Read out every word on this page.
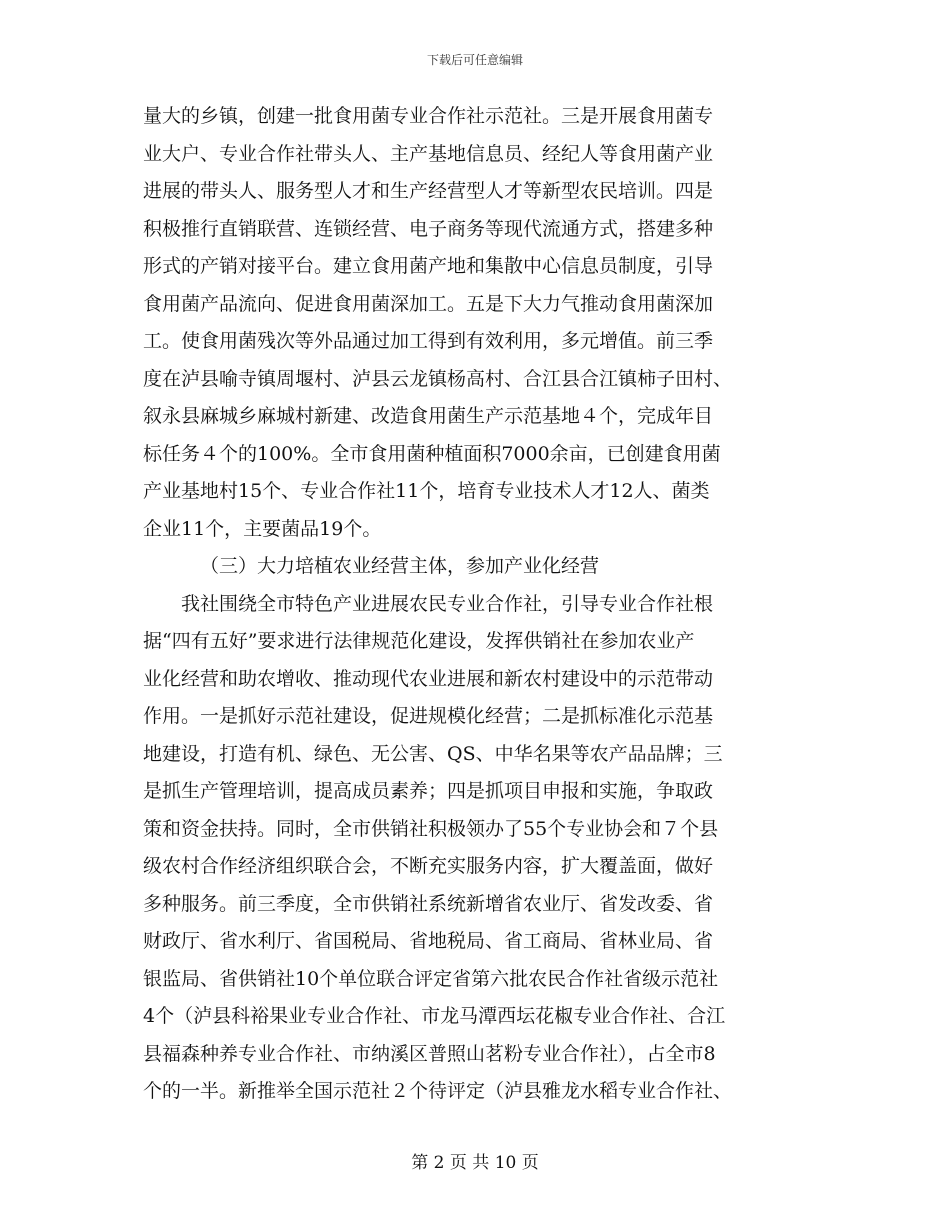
下载后可任意编辑
量大的乡镇，创建一批食用菌专业合作社示范社。三是开展食用菌专
业大户、专业合作社带头人、主产基地信息员、经纪人等食用菌产业
进展的带头人、服务型人才和生产经营型人才等新型农民培训。四是
积极推行直销联营、连锁经营、电子商务等现代流通方式，搭建多种
形式的产销对接平台。建立食用菌产地和集散中心信息员制度，引导
食用菌产品流向、促进食用菌深加工。五是下大力气推动食用菌深加
工。使食用菌残次等外品通过加工得到有效利用，多元增值。前三季
度在泸县喻寺镇周堰村、泸县云龙镇杨高村、合江县合江镇柿子田村、
叙永县麻城乡麻城村新建、改造食用菌生产示范基地４个，完成年目
标任务４个的100%。全市食用菌种植面积7000余亩，已创建食用菌
产业基地村15个、专业合作社11个，培育专业技术人才12人、菌类
企业11个，主要菌品19个。
（三）大力培植农业经营主体，参加产业化经营
我社围绕全市特色产业进展农民专业合作社，引导专业合作社根
据“四有五好”要求进行法律规范化建设，发挥供销社在参加农业产
业化经营和助农增收、推动现代农业进展和新农村建设中的示范带动
作用。一是抓好示范社建设，促进规模化经营；二是抓标准化示范基
地建设，打造有机、绿色、无公害、QS、中华名果等农产品品牌；三
是抓生产管理培训，提高成员素养；四是抓项目申报和实施，争取政
策和资金扶持。同时，全市供销社积极领办了55个专业协会和７个县
级农村合作经济组织联合会，不断充实服务内容，扩大覆盖面，做好
多种服务。前三季度，全市供销社系统新增省农业厅、省发改委、省
财政厅、省水利厅、省国税局、省地税局、省工商局、省林业局、省
银监局、省供销社10个单位联合评定省第六批农民合作社省级示范社
4个（泸县科裕果业专业合作社、市龙马潭西坛花椒专业合作社、合江
县福森种养专业合作社、市纳溪区普照山茗粉专业合作社），占全市8
个的一半。新推举全国示范社２个待评定（泸县雅龙水稻专业合作社、
第 2 页 共 10 页
